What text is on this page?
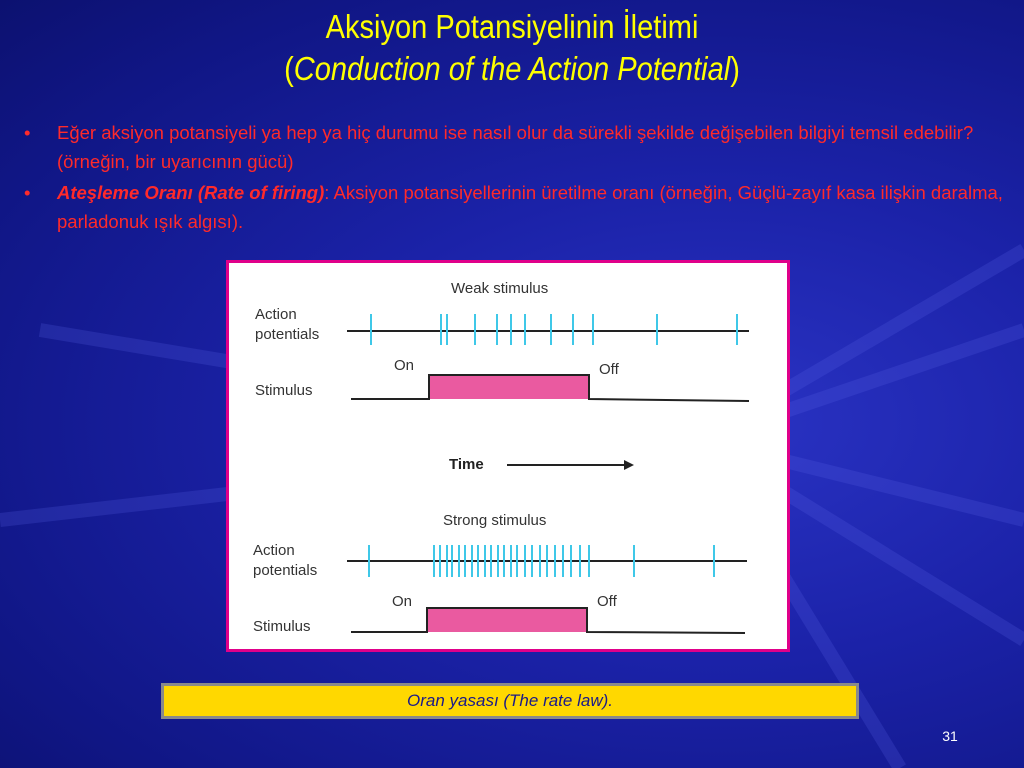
Aksiyon Potansiyelinin İletimi
(Conduction of the Action Potential)
• Eğer aksiyon potansiyeli ya hep ya hiç durumu ise nasıl olur da sürekli şekilde değişebilen bilgiyi temsil edebilir? (örneğin, bir uyarıcının gücü)
• Ateşleme Oranı (Rate of firing): Aksiyon potansiyellerinin üretilme oranı (örneğin, Güçlü-zayıf kasa ilişkin daralma, parladonuk ışık algısı).
Weak stimulus
Action
potentials
On	Off
Stimulus
Time
Strong stimulus
Action
potentials
On	Off
Stimulus
Oran yasası (The rate law).
31
